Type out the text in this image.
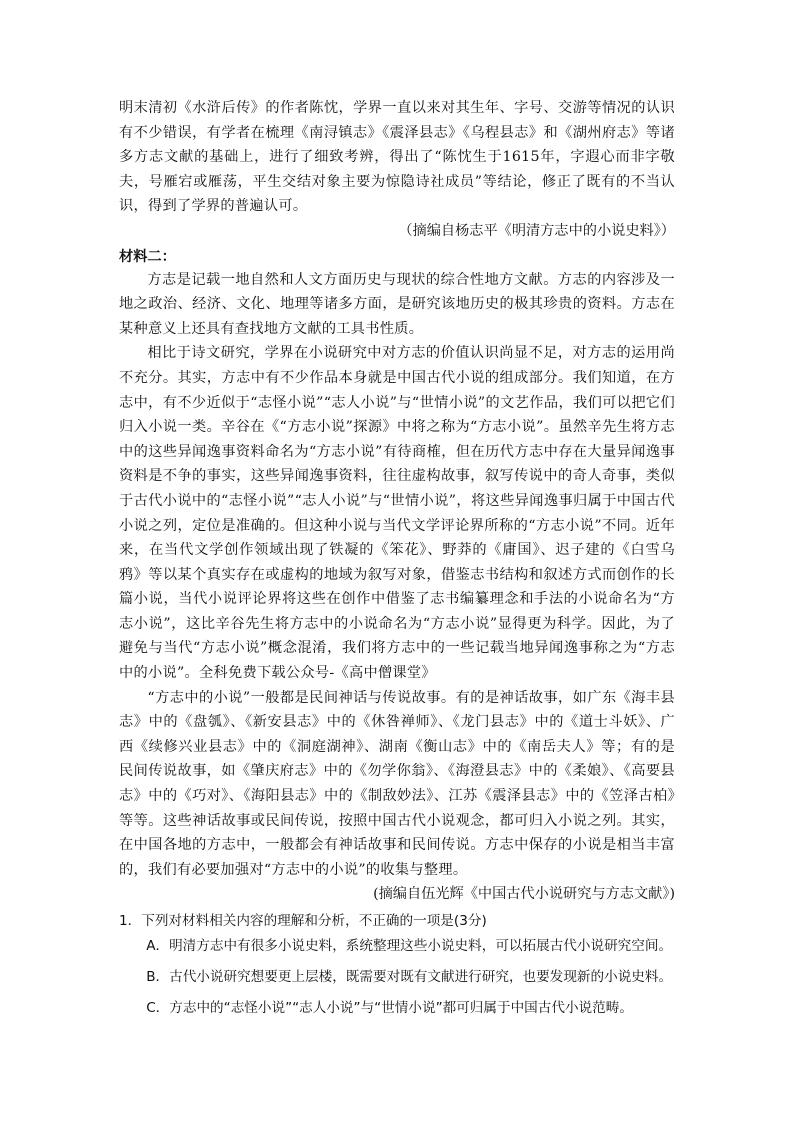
明末清初《水浒后传》的作者陈忱，学界一直以来对其生年、字号、交游等情况的认识有不少错误，有学者在梳理《南浔镇志》《震泽县志》《乌程县志》和《湖州府志》等诸多方志文献的基础上，进行了细致考辨，得出了“陈忱生于1615年，字遐心而非字敬夫，号雁宕或雁荡，平生交结对象主要为惊隐诗社成员”等结论，修正了既有的不当认识，得到了学界的普遍认可。

（摘编自杨志平《明清方志中的小说史料》）

材料二：

方志是记载一地自然和人文方面历史与现状的综合性地方文献。方志的内容涉及一地之政治、经济、文化、地理等诸多方面，是研究该地历史的极其珍贵的资料。方志在某种意义上还具有查找地方文献的工具书性质。

相比于诗文研究，学界在小说研究中对方志的价值认识尚显不足，对方志的运用尚不充分。其实，方志中有不少作品本身就是中国古代小说的组成部分。我们知道，在方志中，有不少近似于“志怪小说”“志人小说”与“世情小说”的文艺作品，我们可以把它们归入小说一类。辛谷在《“方志小说”探源》中将之称为“方志小说”。虽然辛先生将方志中的这些异闻逸事资料命名为“方志小说”有待商榷，但在历代方志中存在大量异闻逸事资料是不争的事实，这些异闻逸事资料，往往虚构故事，叙写传说中的奇人奇事，类似于古代小说中的“志怪小说”“志人小说”与“世情小说”，将这些异闻逸事归属于中国古代小说之列，定位是准确的。但这种小说与当代文学评论界所称的“方志小说”不同。近年来，在当代文学创作领域出现了铁凝的《笨花》、野莽的《庸国》、迟子建的《白雪乌鸦》等以某个真实存在或虚构的地域为叙写对象，借鉴志书结构和叙述方式而创作的长篇小说，当代小说评论界将这些在创作中借鉴了志书编纂理念和手法的小说命名为“方志小说”，这比辛谷先生将方志中的小说命名为“方志小说”显得更为科学。因此，为了避免与当代“方志小说”概念混淆，我们将方志中的一些记载当地异闻逸事称之为“方志中的小说”。全科免费下载公众号-《高中僧课堂》

“方志中的小说”一般都是民间神话与传说故事。有的是神话故事，如广东《海丰县志》中的《盘瓠》、《新安县志》中的《休咎禅师》、《龙门县志》中的《道士斗妖》、广西《续修兴业县志》中的《洞庭湖神》、湖南《衡山志》中的《南岳夫人》等；有的是民间传说故事，如《肇庆府志》中的《勿学你翁》、《海澄县志》中的《柔娘》、《高要县志》中的《巧对》、《海阳县志》中的《制敌妙法》、江苏《震泽县志》中的《笠泽古柏》等等。这些神话故事或民间传说，按照中国古代小说观念，都可归入小说之列。其实，在中国各地的方志中，一般都会有神话故事和民间传说。方志中保存的小说是相当丰富的，我们有必要加强对“方志中的小说”的收集与整理。

(摘编自伍光辉《中国古代小说研究与方志文献》)

1．下列对材料相关内容的理解和分析，不正确的一项是(3分)

A．明清方志中有很多小说史料，系统整理这些小说史料，可以拓展古代小说研究空间。

B．古代小说研究想要更上层楼，既需要对既有文献进行研究，也要发现新的小说史料。

C．方志中的“志怪小说”“志人小说”与“世情小说”都可归属于中国古代小说范畴。
